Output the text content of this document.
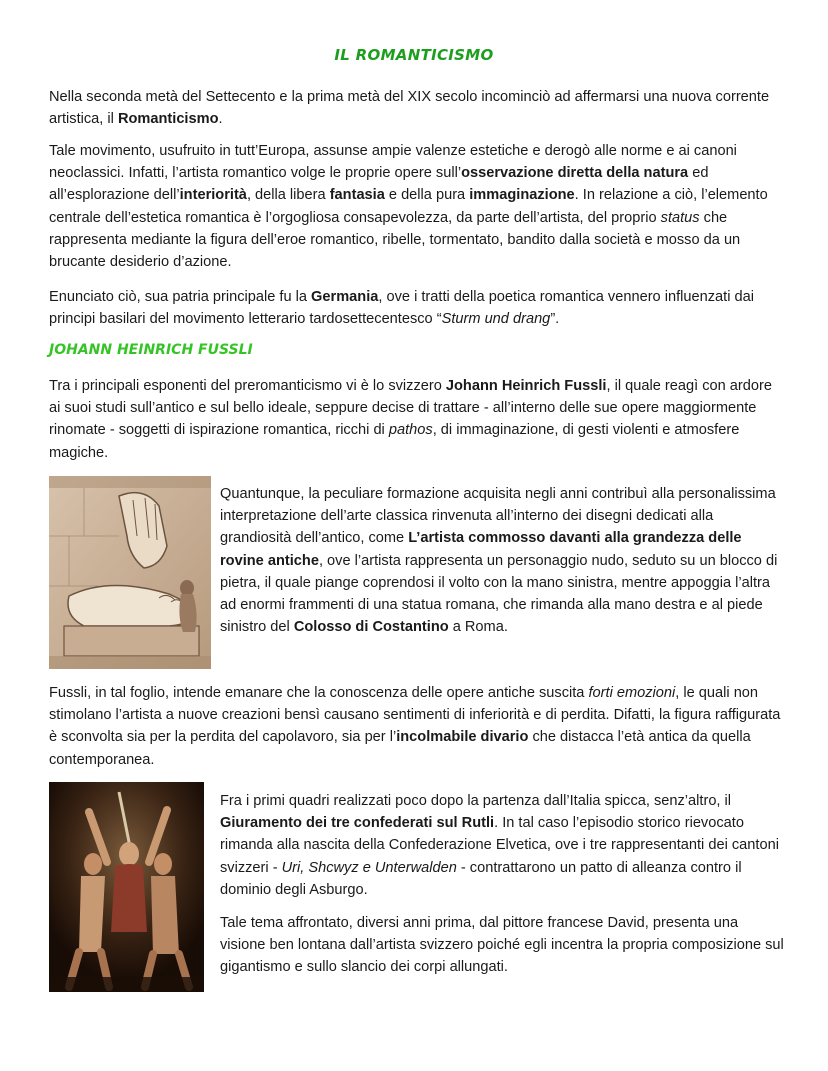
IL ROMANTICISMO

Nella seconda metà del Settecento e la prima metà del XIX secolo incominciò ad affermarsi una nuova corrente artistica, il Romanticismo.

Tale movimento, usufruito in tutt’Europa, assunse ampie valenze estetiche e derogò alle norme e ai canoni neoclassici. Infatti, l’artista romantico volge le proprie opere sull’osservazione diretta della natura ed all’esplorazione dell’interiorità, della libera fantasia e della pura immaginazione. In relazione a ciò, l’elemento centrale dell’estetica romantica è l’orgogliosa consapevolezza, da parte dell’artista, del proprio status che rappresenta mediante la figura dell’eroe romantico, ribelle, tormentato, bandito dalla società e mosso da un brucante desiderio d’azione.

Enunciato ciò, sua patria principale fu la Germania, ove i tratti della poetica romantica vennero influenzati dai principi basilari del movimento letterario tardosettecentesco “Sturm und drang”.

JOHANN HEINRICH FUSSLI

Tra i principali esponenti del preromanticismo vi è lo svizzero Johann Heinrich Fussli, il quale reagì con ardore ai suoi studi sull’antico e sul bello ideale, seppure decise di trattare - all’interno delle sue opere maggiormente rinomate - soggetti di ispirazione romantica, ricchi di pathos, di immaginazione, di gesti violenti e atmosfere magiche.

Quantunque, la peculiare formazione acquisita negli anni contribuì alla personalissima interpretazione dell’arte classica rinvenuta all’interno dei disegni dedicati alla grandiosità dell’antico, come L’artista commosso davanti alla grandezza delle rovine antiche, ove l’artista rappresenta un personaggio nudo, seduto su un blocco di pietra, il quale piange coprendosi il volto con la mano sinistra, mentre appoggia l’altra ad enormi frammenti di una statua romana, che rimanda alla mano destra e al piede sinistro del Colosso di Costantino a Roma.

Fussli, in tal foglio, intende emanare che la conoscenza delle opere antiche suscita forti emozioni, le quali non stimolano l’artista a nuove creazioni bensì causano sentimenti di inferiorità e di perdita. Difatti, la figura raffigurata è sconvolta sia per la perdita del capolavoro, sia per l’incolmabile divario che distacca l’età antica da quella contemporanea.

Fra i primi quadri realizzati poco dopo la partenza dall’Italia spicca, senz’altro, il Giuramento dei tre confederati sul Rutli. In tal caso l’episodio storico rievocato rimanda alla nascita della Confederazione Elvetica, ove i tre rappresentanti dei cantoni svizzeri - Uri, Shcwyz e Unterwalden - contrattarono un patto di alleanza contro il dominio degli Asburgo.

Tale tema affrontato, diversi anni prima, dal pittore francese David, presenta una visione ben lontana dall’artista svizzero poiché egli incentra la propria composizione sul gigantismo e sullo slancio dei corpi allungati.
